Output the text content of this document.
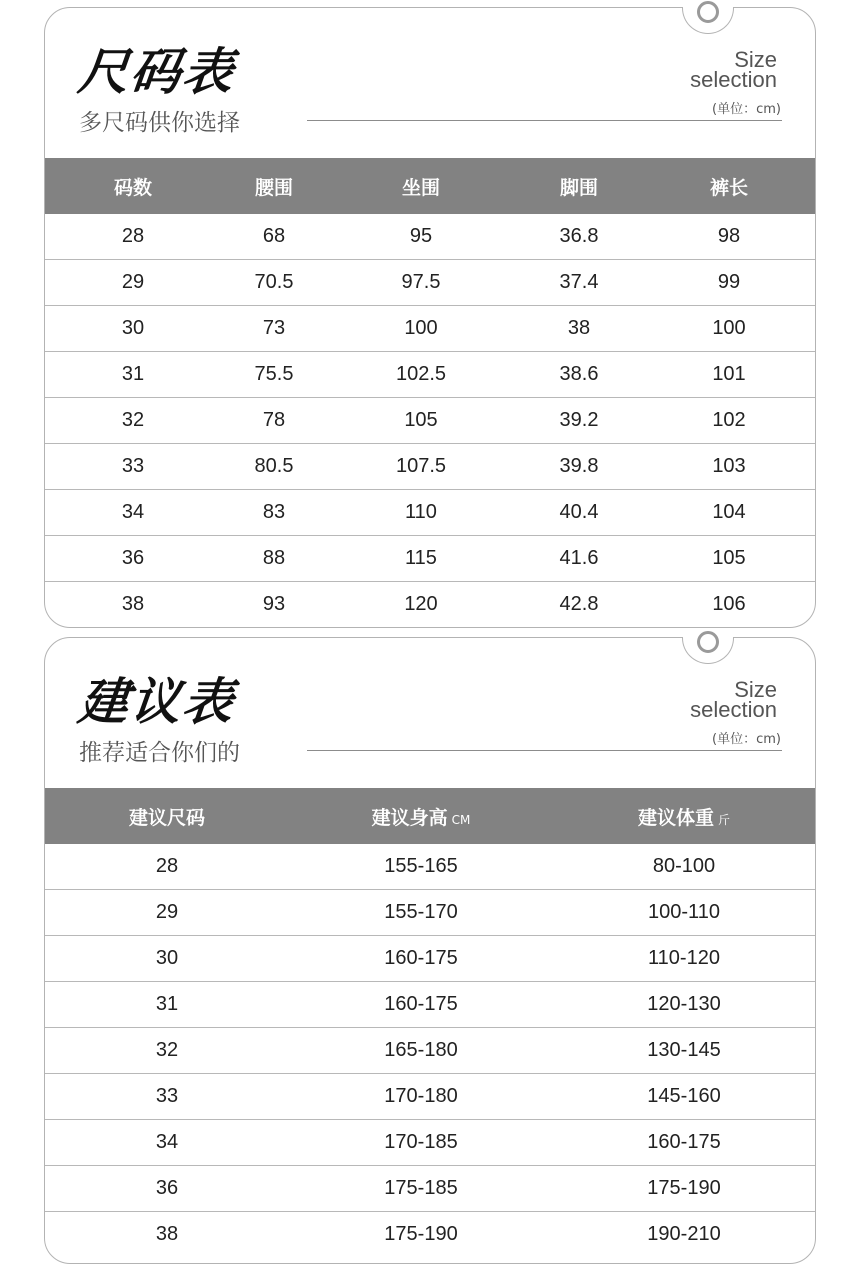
尺码表
多尺码供你选择
Size
selection
(单位：cm)
码数	腰围	坐围	脚围	裤长
28	68	95	36.8	98
29	70.5	97.5	37.4	99
30	73	100	38	100
31	75.5	102.5	38.6	101
32	78	105	39.2	102
33	80.5	107.5	39.8	103
34	83	110	40.4	104
36	88	115	41.6	105
38	93	120	42.8	106
建议表
推荐适合你们的
Size
selection
(单位：cm)
建议尺码	建议身高 CM	建议体重 斤
28	155-165	80-100
29	155-170	100-110
30	160-175	110-120
31	160-175	120-130
32	165-180	130-145
33	170-180	145-160
34	170-185	160-175
36	175-185	175-190
38	175-190	190-210
